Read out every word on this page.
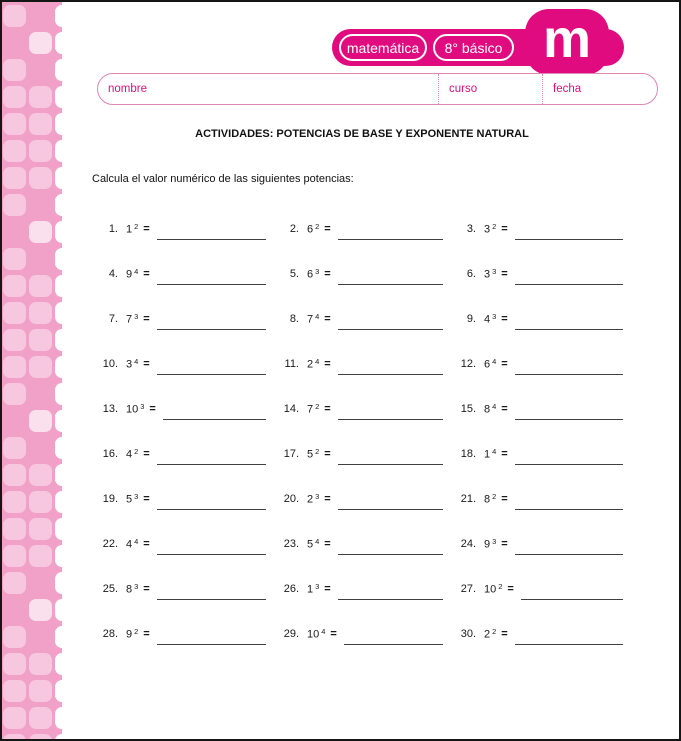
matemática 8° básico m
nombre	curso	fecha
ACTIVIDADES: POTENCIAS DE BASE Y EXPONENTE NATURAL
Calcula el valor numérico de las siguientes potencias:
1. 1 $^2$ =	2. 6 $^2$ =	3. 3 $^2$ =
4. 9 $^4$ =	5. 6 $^3$ =	6. 3 $^3$ =
7. 7 $^3$ =	8. 7 $^4$ =	9. 4 $^3$ =
10. 3 $^4$ =	11. 2 $^4$ =	12. 6 $^4$ =
13. 10 $^3$ =	14. 7 $^2$ =	15. 8 $^4$ =
16. 4 $^2$ =	17. 5 $^2$ =	18. 1 $^4$ =
19. 5 $^3$ =	20. 2 $^3$ =	21. 8 $^2$ =
22. 4 $^4$ =	23. 5 $^4$ =	24. 9 $^3$ =
25. 8 $^3$ =	26. 1 $^3$ =	27. 10 $^2$ =
28. 9 $^2$ =	29. 10 $^4$ =	30. 2 $^2$ =
